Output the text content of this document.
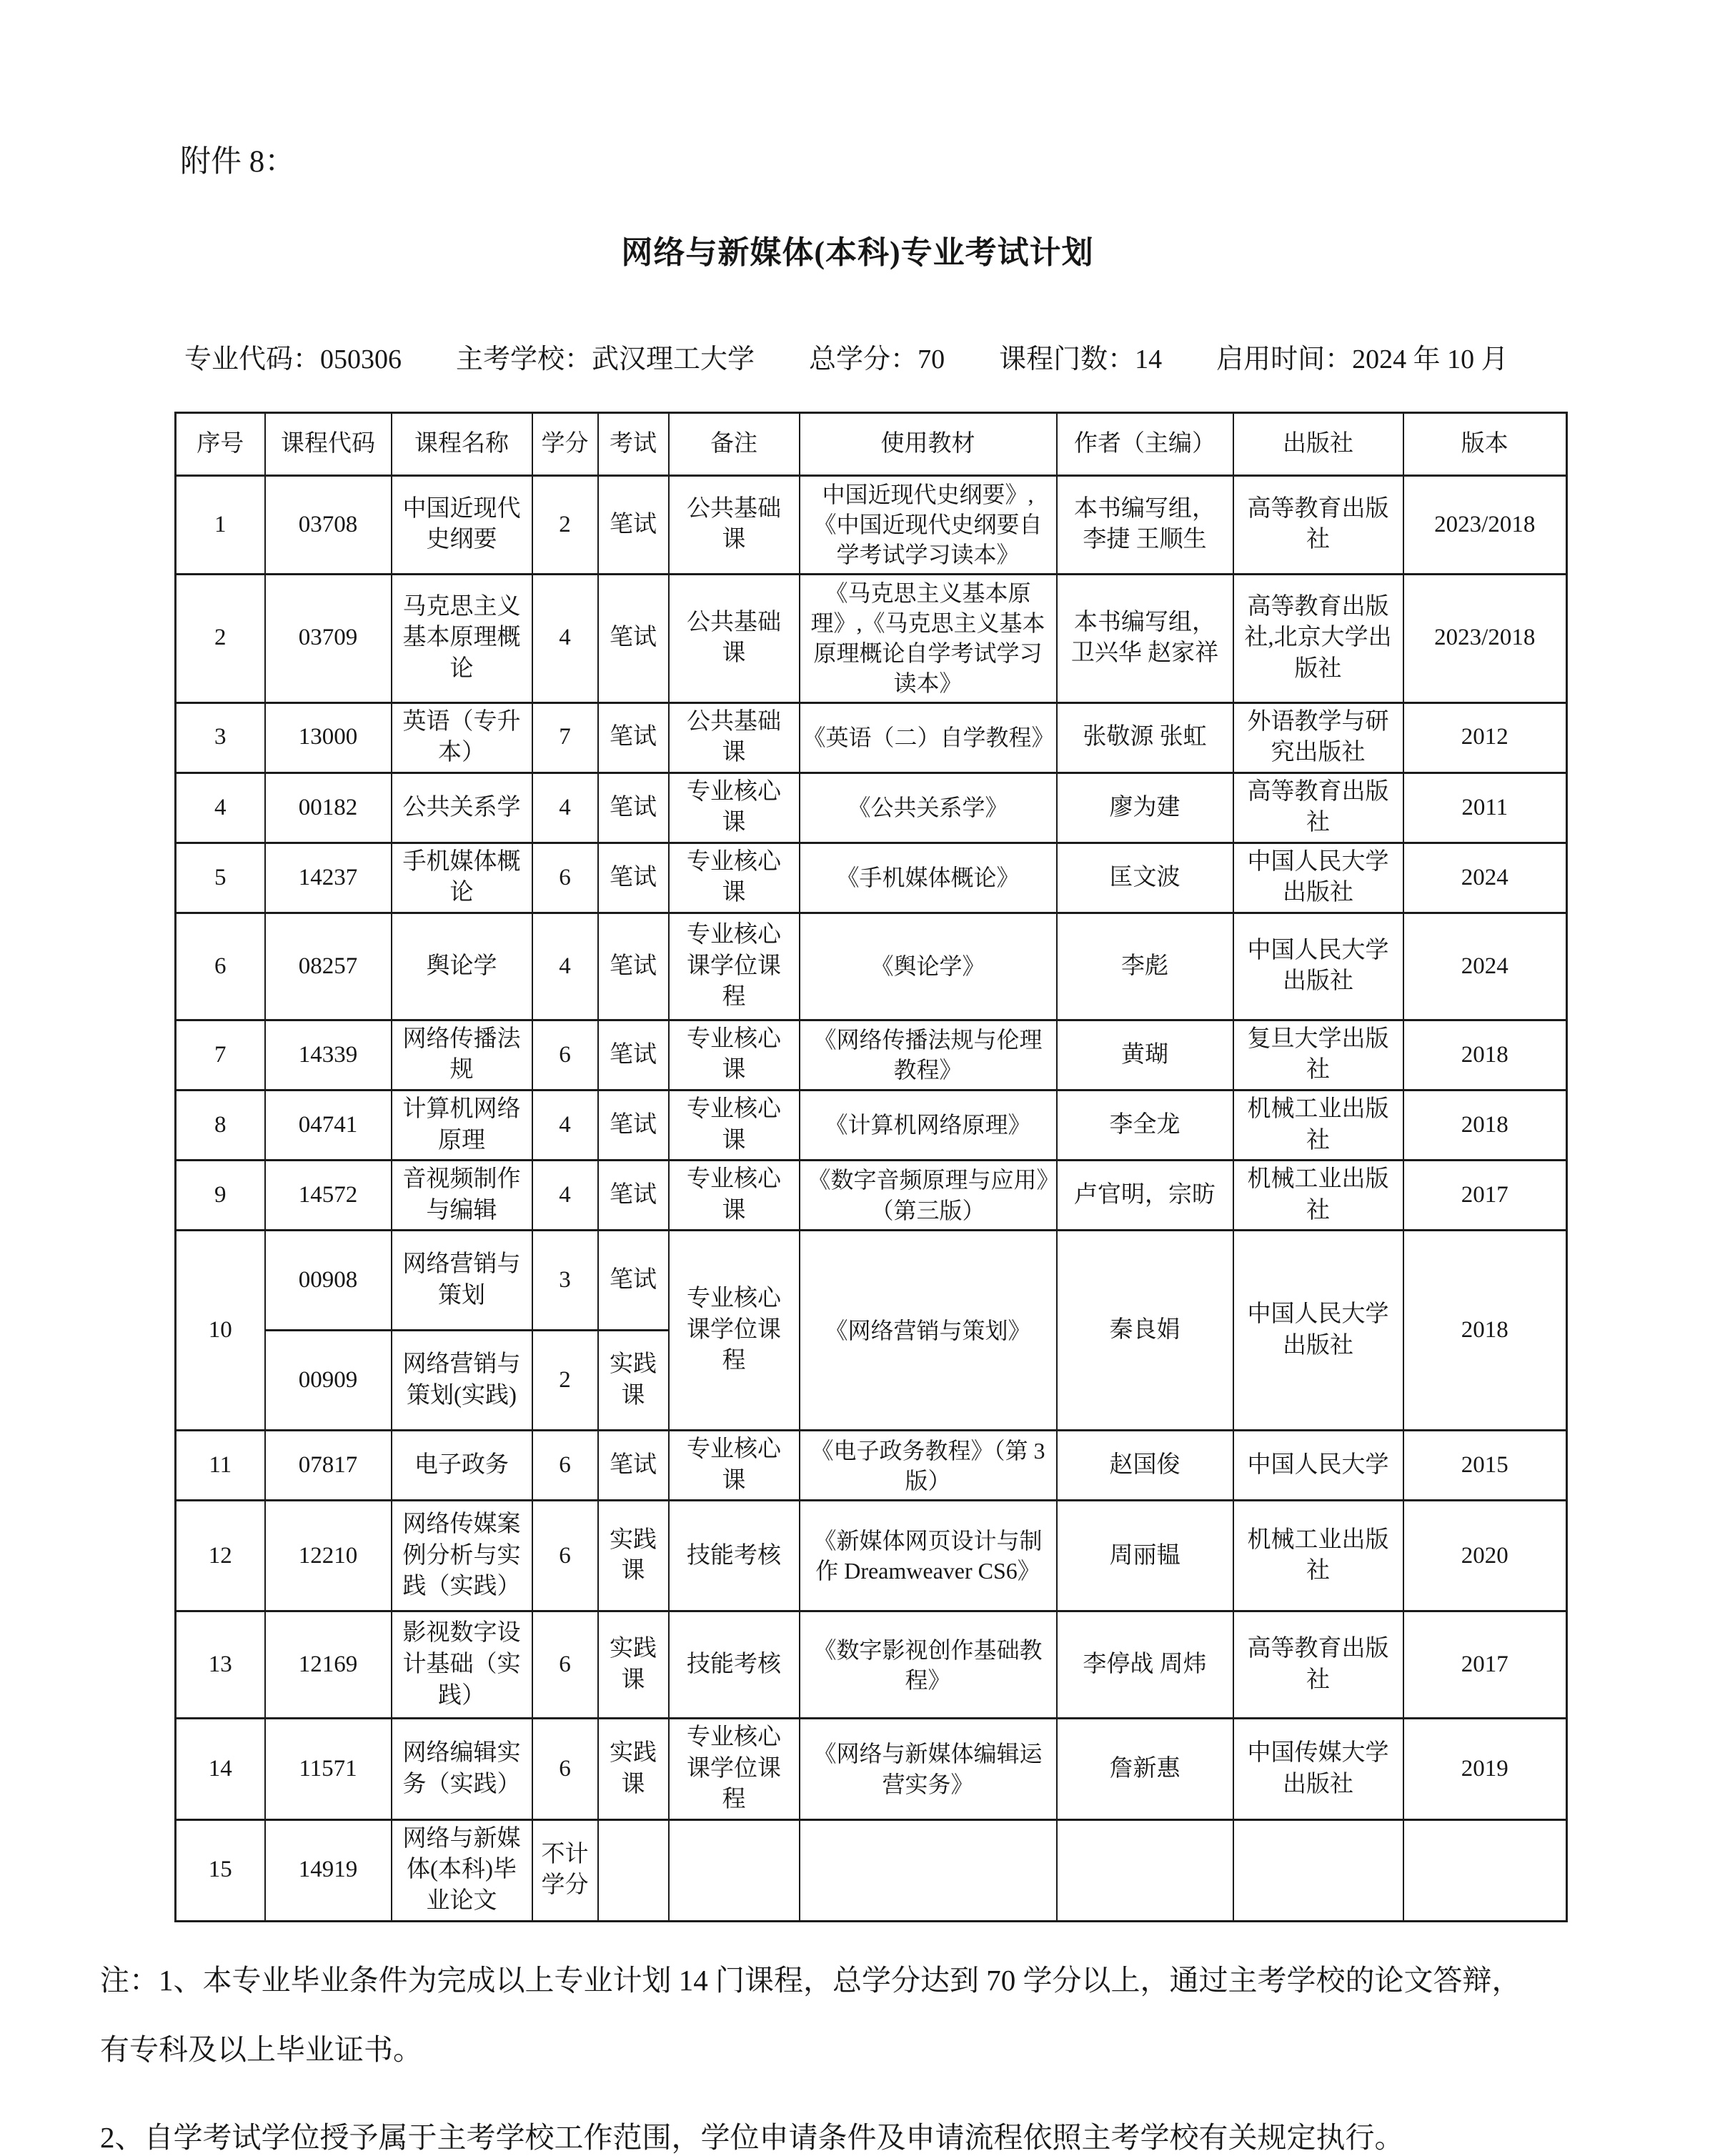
附件 8：
网络与新媒体(本科)专业考试计划
专业代码：050306 主考学校：武汉理工大学 总学分：70 课程门数：14 启用时间：2024 年 10 月
序号	课程代码	课程名称	学分	考试	备注	使用教材	作者（主编）	出版社	版本
1	03708	中国近现代史纲要	2	笔试	公共基础课	中国近现代史纲要》,《中国近现代史纲要自学考试学习读本》	本书编写组，李捷 王顺生	高等教育出版社	2023/2018
2	03709	马克思主义基本原理概论	4	笔试	公共基础课	《马克思主义基本原理》,《马克思主义基本原理概论自学考试学习读本》	本书编写组，卫兴华 赵家祥	高等教育出版社,北京大学出版社	2023/2018
3	13000	英语（专升本）	7	笔试	公共基础课	《英语（二）自学教程》	张敬源 张虹	外语教学与研究出版社	2012
4	00182	公共关系学	4	笔试	专业核心课	《公共关系学》	廖为建	高等教育出版社	2011
5	14237	手机媒体概论	6	笔试	专业核心课	《手机媒体概论》	匡文波	中国人民大学出版社	2024
6	08257	舆论学	4	笔试	专业核心课学位课程	《舆论学》	李彪	中国人民大学出版社	2024
7	14339	网络传播法规	6	笔试	专业核心课	《网络传播法规与伦理教程》	黄瑚	复旦大学出版社	2018
8	04741	计算机网络原理	4	笔试	专业核心课	《计算机网络原理》	李全龙	机械工业出版社	2018
9	14572	音视频制作与编辑	4	笔试	专业核心课	《数字音频原理与应用》（第三版）	卢官明，宗昉	机械工业出版社	2017
10	00908	网络营销与策划	3	笔试	专业核心课学位课程	《网络营销与策划》	秦良娟	中国人民大学出版社	2018
	00909	网络营销与策划(实践)	2	实践课					
11	07817	电子政务	6	笔试	专业核心课	《电子政务教程》（第 3 版）	赵国俊	中国人民大学	2015
12	12210	网络传媒案例分析与实践（实践）	6	实践课	技能考核	《新媒体网页设计与制作 Dreamweaver CS6》	周丽韫	机械工业出版社	2020
13	12169	影视数字设计基础（实践）	6	实践课	技能考核	《数字影视创作基础教程》	李停战 周炜	高等教育出版社	2017
14	11571	网络编辑实务（实践）	6	实践课	专业核心课学位课程	《网络与新媒体编辑运营实务》	詹新惠	中国传媒大学出版社	2019
15	14919	网络与新媒体(本科)毕业论文	不计学分						
注：1、本专业毕业条件为完成以上专业计划 14 门课程，总学分达到 70 学分以上，通过主考学校的论文答辩，
有专科及以上毕业证书。
2、自学考试学位授予属于主考学校工作范围，学位申请条件及申请流程依照主考学校有关规定执行。
